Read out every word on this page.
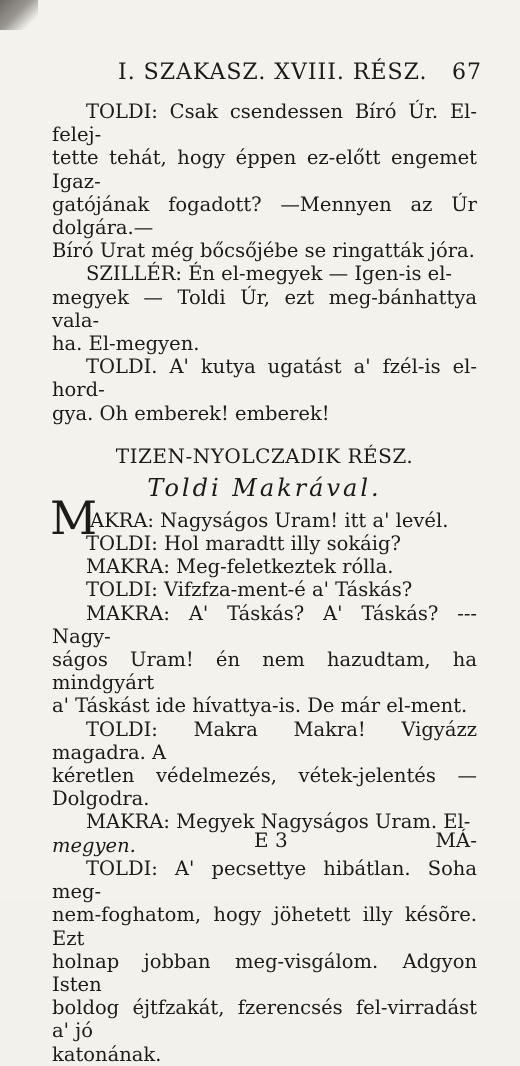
I. SZAKASZ. XVIII. RÉSZ. 67

TOLDI: Csak csendessen Bíró Úr. El-felej-

tette tehát, hogy éppen ez-előtt engemet Igaz-

gatójának fogadott? —Mennyen az Úr dolgára.—

Bíró Urat még bőcsőjébe se ringatták jóra.

SZILLÉR: Én el-megyek — Igen-is el-

megyek — Toldi Úr, ezt meg-bánhattya vala-

ha. El-megyen.

TOLDI. A' kutya ugatást a' fzél-is el-hord-

gya. Oh emberek! emberek!

TIZEN-NYOLCZADIK RÉSZ.
Toldi Makrával.

M
AKRA: Nagyságos Uram! itt a' levél.

TOLDI: Hol maradtt illy sokáig?

MAKRA: Meg-feletkeztek rólla.

TOLDI: Vifzfza-ment-é a' Táskás?

MAKRA: A' Táskás? A' Táskás? --- Nagy-

ságos Uram! én nem hazudtam, ha mindgyárt

a' Táskást ide hívattya-is. De már el-ment.

TOLDI: Makra Makra! Vigyázz magadra. A

kéretlen védelmezés, vétek-jelentés — Dolgodra.

MAKRA: Megyek Nagyságos Uram. El-

megyen.

TOLDI: A' pecsettye hibátlan. Soha meg-

nem-foghatom, hogy jöhetett illy késõre. Ezt

holnap jobban meg-visgálom. Adgyon Isten

boldog éjtfzakát, fzerencsés fel-virradást a' jó

katonának.

E 3	MÁ-
